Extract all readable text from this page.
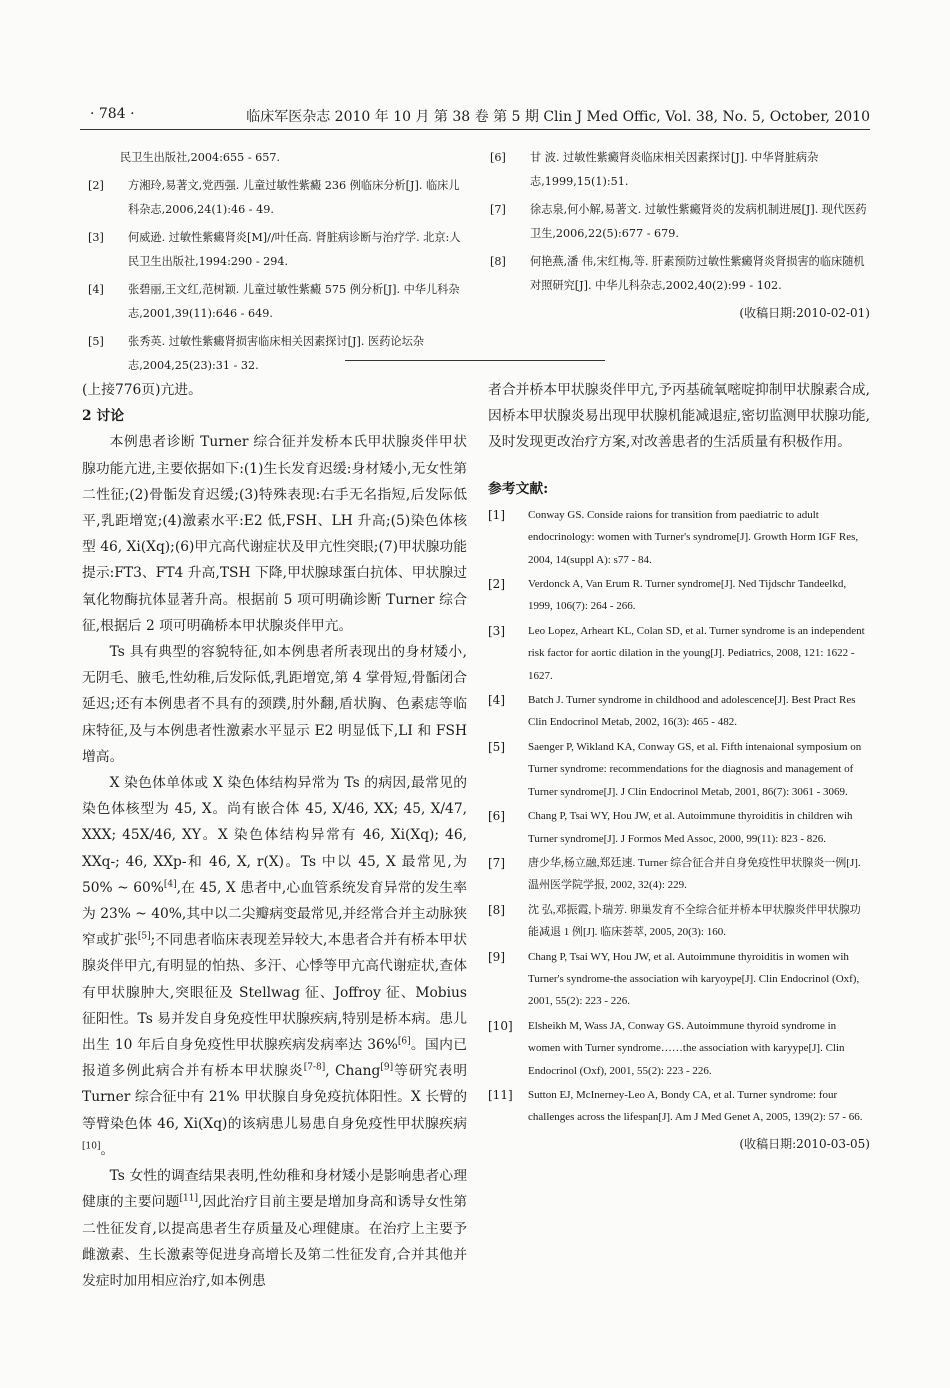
· 784 ·	临床军医杂志 2010 年 10 月 第 38 卷 第 5 期 Clin J Med Offic, Vol. 38, No. 5, October, 2010
民卫生出版社,2004:655 - 657.
[2] 方湘玲,易著文,党西强. 儿童过敏性紫癜 236 例临床分析[J]. 临床儿科杂志,2006,24(1):46 - 49.
[3] 何威逊. 过敏性紫癜肾炎[M]//叶任高. 肾脏病诊断与治疗学. 北京:人民卫生出版社,1994:290 - 294.
[4] 张碧丽,王文红,范树颖. 儿童过敏性紫癜 575 例分析[J]. 中华儿科杂志,2001,39(11):646 - 649.
[5] 张秀英. 过敏性紫癜肾损害临床相关因素探讨[J]. 医药论坛杂志,2004,25(23):31 - 32.
[6] 甘 波. 过敏性紫癜肾炎临床相关因素探讨[J]. 中华肾脏病杂志,1999,15(1):51.
[7] 徐志泉,何小解,易著文. 过敏性紫癜肾炎的发病机制进展[J]. 现代医药卫生,2006,22(5):677 - 679.
[8] 何艳燕,潘 伟,宋红梅,等. 肝素预防过敏性紫癜肾炎肾损害的临床随机对照研究[J]. 中华儿科杂志,2002,40(2):99 - 102.
(收稿日期:2010-02-01)

(上接776页)亢进。

2 讨论

本例患者诊断 Turner 综合征并发桥本氏甲状腺炎伴甲状腺功能亢进,主要依据如下:(1)生长发育迟缓:身材矮小,无女性第二性征;(2)骨骺发育迟缓;(3)特殊表现:右手无名指短,后发际低平,乳距增宽;(4)激素水平:E2 低,FSH、LH 升高;(5)染色体核型 46, Xi(Xq);(6)甲亢高代谢症状及甲亢性突眼;(7)甲状腺功能提示:FT3、FT4 升高,TSH 下降,甲状腺球蛋白抗体、甲状腺过氧化物酶抗体显著升高。根据前 5 项可明确诊断 Turner 综合征,根据后 2 项可明确桥本甲状腺炎伴甲亢。

Ts 具有典型的容貌特征,如本例患者所表现出的身材矮小,无阴毛、腋毛,性幼稚,后发际低,乳距增宽,第 4 掌骨短,骨骺闭合延迟;还有本例患者不具有的颈蹼,肘外翻,盾状胸、色素痣等临床特征,及与本例患者性激素水平显示 E2 明显低下,LI 和 FSH 增高。

X 染色体单体或 X 染色体结构异常为 Ts 的病因,最常见的染色体核型为 45, X。尚有嵌合体 45, X/46, XX; 45, X/47, XXX; 45X/46, XY。X 染色体结构异常有 46, Xi(Xq); 46, XXq-; 46, XXp-和 46, X, r(X)。Ts 中以 45, X 最常见,为 50% ~ 60%[4],在 45, X 患者中,心血管系统发育异常的发生率为 23% ~ 40%,其中以二尖瓣病变最常见,并经常合并主动脉狭窄或扩张[5];不同患者临床表现差异较大,本患者合并有桥本甲状腺炎伴甲亢,有明显的怕热、多汗、心悸等甲亢高代谢症状,查体有甲状腺肿大,突眼征及 Stellwag 征、Joffroy 征、Mobius 征阳性。Ts 易并发自身免疫性甲状腺疾病,特别是桥本病。患儿出生 10 年后自身免疫性甲状腺疾病发病率达 36%[6]。国内已报道多例此病合并有桥本甲状腺炎[7-8], Chang[9]等研究表明 Turner 综合征中有 21% 甲状腺自身免疫抗体阳性。X 长臂的等臂染色体 46, Xi(Xq)的该病患儿易患自身免疫性甲状腺疾病[10]。

Ts 女性的调查结果表明,性幼稚和身材矮小是影响患者心理健康的主要问题[11],因此治疗目前主要是增加身高和诱导女性第二性征发育,以提高患者生存质量及心理健康。在治疗上主要予雌激素、生长激素等促进身高增长及第二性征发育,合并其他并发症时加用相应治疗,如本例患

者合并桥本甲状腺炎伴甲亢,予丙基硫氧嘧啶抑制甲状腺素合成,因桥本甲状腺炎易出现甲状腺机能减退症,密切监测甲状腺功能,及时发现更改治疗方案,对改善患者的生活质量有积极作用。

参考文献:

[1] Conway GS. Conside raions for transition from paediatric to adult endocrinology: women with Turner's syndrome[J]. Growth Horm IGF Res, 2004, 14(suppl A): s77 - 84.
[2] Verdonck A, Van Erum R. Turner syndrome[J]. Ned Tijdschr Tandeelkd, 1999, 106(7): 264 - 266.
[3] Leo Lopez, Arheart KL, Colan SD, et al. Turner syndrome is an independent risk factor for aortic dilation in the young[J]. Pediatrics, 2008, 121: 1622 - 1627.
[4] Batch J. Turner syndrome in childhood and adolescence[J]. Best Pract Res Clin Endocrinol Metab, 2002, 16(3): 465 - 482.
[5] Saenger P, Wikland KA, Conway GS, et al. Fifth intenaional symposium on Turner syndrome: recommendations for the diagnosis and management of Turner syndrome[J]. J Clin Endocrinol Metab, 2001, 86(7): 3061 - 3069.
[6] Chang P, Tsai WY, Hou JW, et al. Autoimmune thyroiditis in children wih Turner syndrome[J]. J Formos Med Assoc, 2000, 99(11): 823 - 826.
[7] 唐少华,杨立融,郑廷速. Turner 综合征合并自身免疫性甲状腺炎一例[J]. 温州医学院学报, 2002, 32(4): 229.
[8] 沈 弘,邓振霞,卜瑞芳. 卵巢发育不全综合征并桥本甲状腺炎伴甲状腺功能减退 1 例[J]. 临床荟萃, 2005, 20(3): 160.
[9] Chang P, Tsai WY, Hou JW, et al. Autoimmune thyroiditis in women wih Turner's syndrome-the association wih karyoype[J]. Clin Endocrinol (Oxf), 2001, 55(2): 223 - 226.
[10] Elsheikh M, Wass JA, Conway GS. Autoimmune thyroid syndrome in women with Turner syndrome……the association with karyype[J]. Clin Endocrinol (Oxf), 2001, 55(2): 223 - 226.
[11] Sutton EJ, McInerney-Leo A, Bondy CA, et al. Turner syndrome: four challenges across the lifespan[J]. Am J Med Genet A, 2005, 139(2): 57 - 66.
(收稿日期:2010-03-05)
